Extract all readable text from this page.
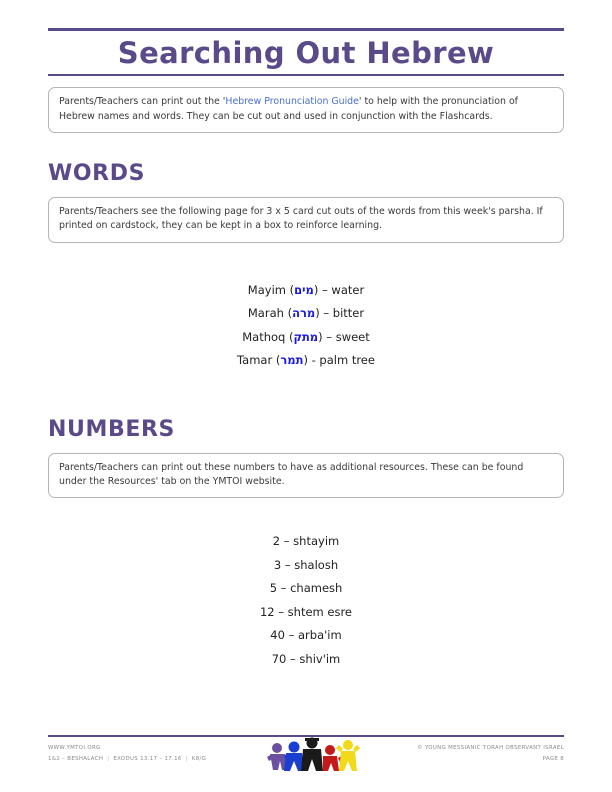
Searching Out Hebrew

Parents/Teachers can print out the 'Hebrew Pronunciation Guide' to help with the pronunciation of Hebrew names and words. They can be cut out and used in conjunction with the Flashcards.

WORDS

Parents/Teachers see the following page for 3 x 5 card cut outs of the words from this week's parsha. If printed on cardstock, they can be kept in a box to reinforce learning.

Mayim (מים) – water
Marah (מרה) – bitter
Mathoq (מתק) – sweet
Tamar (תמר) - palm tree
NUMBERS

Parents/Teachers can print out these numbers to have as additional resources. These can be found under the Resources' tab on the YMTOI website.

2 – shtayim
3 – shalosh
5 – chamesh
12 – shtem esre
40 – arba'im
70 – shiv'im
WWW.YMTOI.ORG
1&2 – BESHALACH | EXODUS 13.17 – 17.16 | K8/G
© YOUNG MESSIANIC TORAH OBSERVANT ISRAEL
PAGE 8
